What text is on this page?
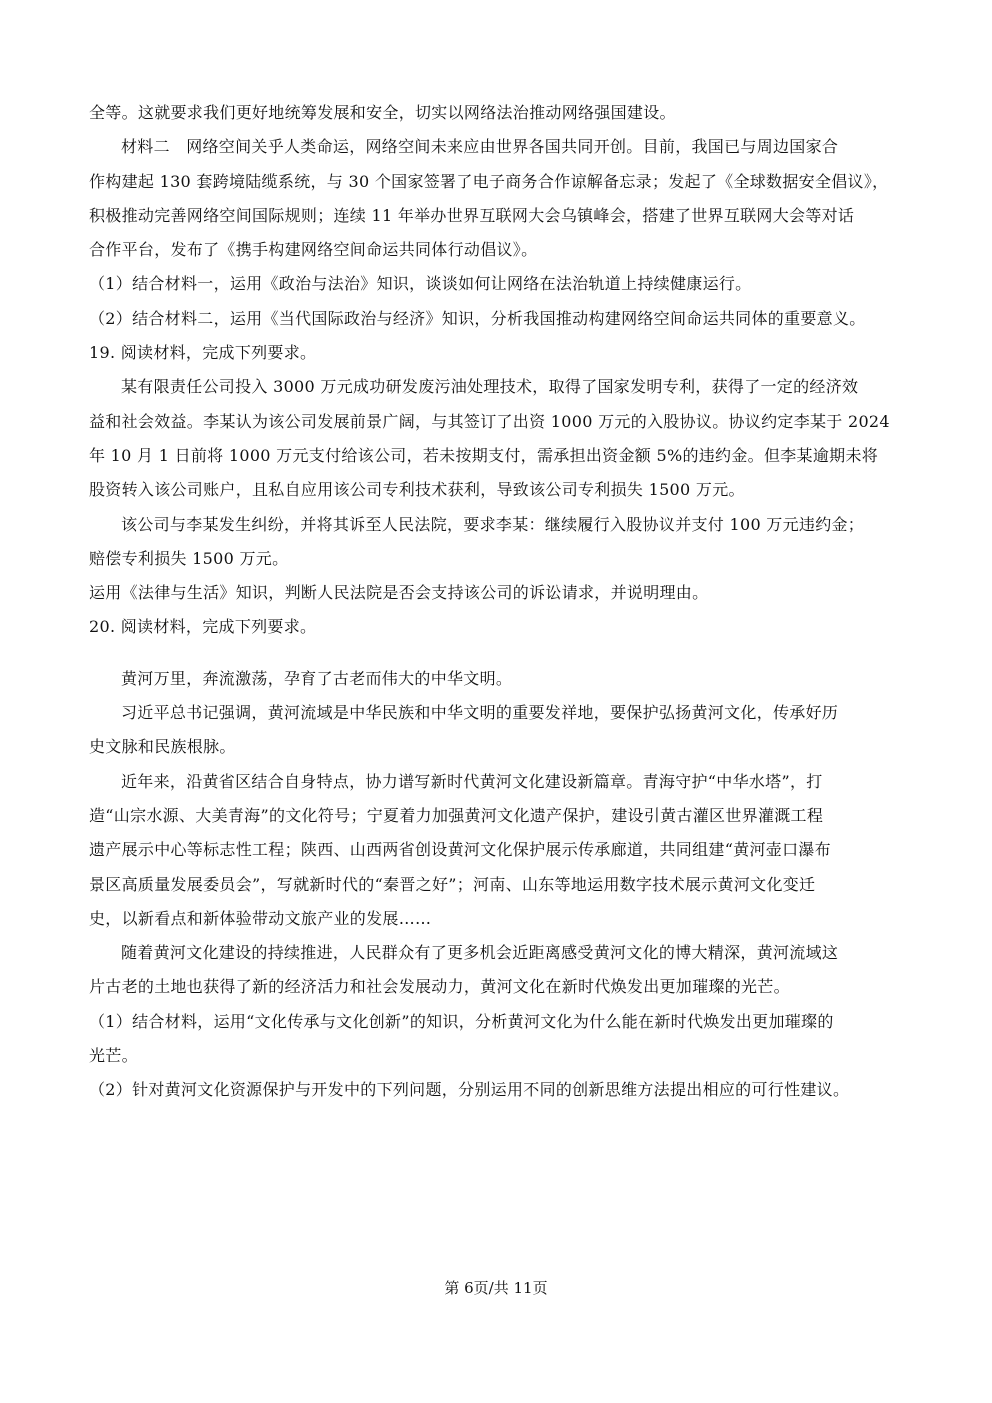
全等。这就要求我们更好地统筹发展和安全，切实以网络法治推动网络强国建设。
材料二　网络空间关乎人类命运，网络空间未来应由世界各国共同开创。目前，我国已与周边国家合
作构建起 130 套跨境陆缆系统，与 30 个国家签署了电子商务合作谅解备忘录；发起了《全球数据安全倡议》，
积极推动完善网络空间国际规则；连续 11 年举办世界互联网大会乌镇峰会，搭建了世界互联网大会等对话
合作平台，发布了《携手构建网络空间命运共同体行动倡议》。
（1）结合材料一，运用《政治与法治》知识，谈谈如何让网络在法治轨道上持续健康运行。
（2）结合材料二，运用《当代国际政治与经济》知识，分析我国推动构建网络空间命运共同体的重要意义。
19. 阅读材料，完成下列要求。
某有限责任公司投入 3000 万元成功研发废污油处理技术，取得了国家发明专利，获得了一定的经济效
益和社会效益。李某认为该公司发展前景广阔，与其签订了出资 1000 万元的入股协议。协议约定李某于 2024
年 10 月 1 日前将 1000 万元支付给该公司，若未按期支付，需承担出资金额 5%的违约金。但李某逾期未将
股资转入该公司账户，且私自应用该公司专利技术获利，导致该公司专利损失 1500 万元。
该公司与李某发生纠纷，并将其诉至人民法院，要求李某：继续履行入股协议并支付 100 万元违约金；
赔偿专利损失 1500 万元。
运用《法律与生活》知识，判断人民法院是否会支持该公司的诉讼请求，并说明理由。
20. 阅读材料，完成下列要求。
黄河万里，奔流激荡，孕育了古老而伟大的中华文明。
习近平总书记强调，黄河流域是中华民族和中华文明的重要发祥地，要保护弘扬黄河文化，传承好历
史文脉和民族根脉。
近年来，沿黄省区结合自身特点，协力谱写新时代黄河文化建设新篇章。青海守护“中华水塔”，打
造“山宗水源、大美青海”的文化符号；宁夏着力加强黄河文化遗产保护，建设引黄古灌区世界灌溉工程
遗产展示中心等标志性工程；陕西、山西两省创设黄河文化保护展示传承廊道，共同组建“黄河壶口瀑布
景区高质量发展委员会”，写就新时代的“秦晋之好”；河南、山东等地运用数字技术展示黄河文化变迁
史，以新看点和新体验带动文旅产业的发展……
随着黄河文化建设的持续推进，人民群众有了更多机会近距离感受黄河文化的博大精深，黄河流域这
片古老的土地也获得了新的经济活力和社会发展动力，黄河文化在新时代焕发出更加璀璨的光芒。
（1）结合材料，运用“文化传承与文化创新”的知识，分析黄河文化为什么能在新时代焕发出更加璀璨的
光芒。
（2）针对黄河文化资源保护与开发中的下列问题，分别运用不同的创新思维方法提出相应的可行性建议。
第 6页/共 11页
